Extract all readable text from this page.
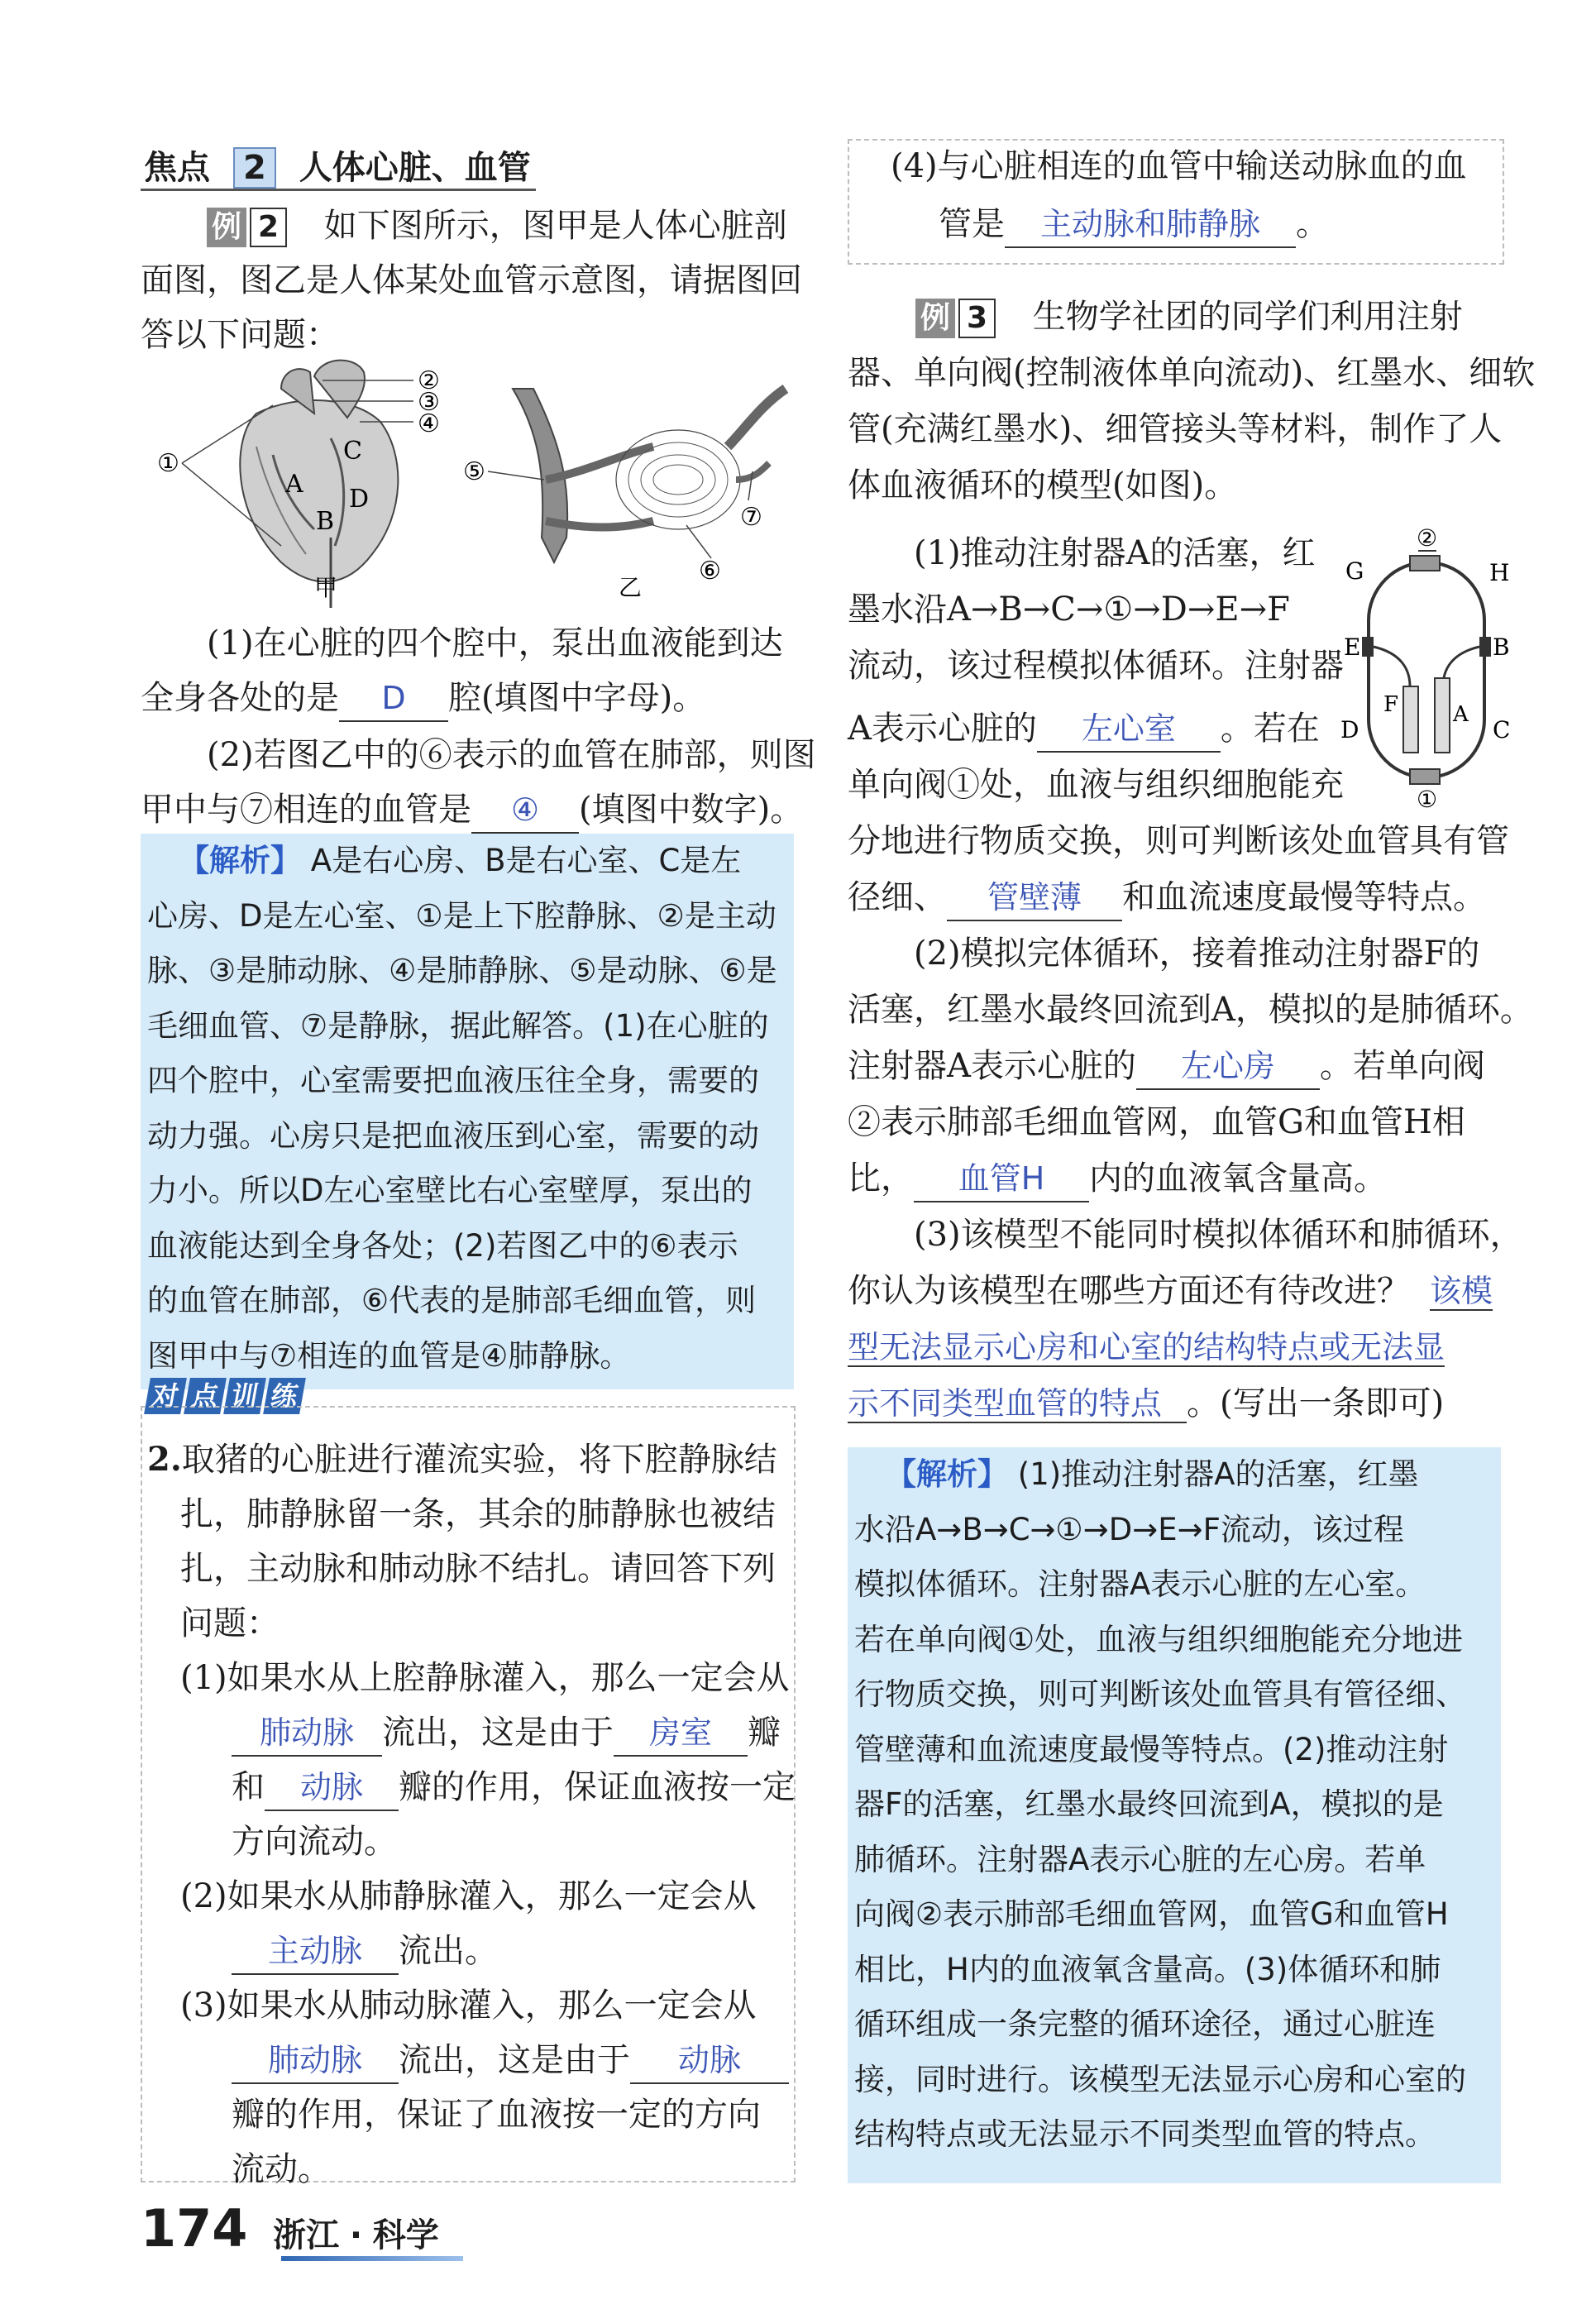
焦点 2 人体心脏、血管
例 2 如下图所示，图甲是人体心脏剖
面图，图乙是人体某处血管示意图，请据图回
答以下问题：
A
B
C
D
②
③
④
①
甲
⑤
⑥
⑦
乙
(1)在心脏的四个腔中，泵出血液能到达
全身各处的是 D 腔(填图中字母)。
(2)若图乙中的⑥表示的血管在肺部，则图
甲中与⑦相连的血管是 ④ (填图中数字)。
【解析】 A是右心房、B是右心室、C是左
心房、D是左心室、①是上下腔静脉、②是主动
脉、③是肺动脉、④是肺静脉、⑤是动脉、⑥是
毛细血管、⑦是静脉，据此解答。(1)在心脏的
四个腔中，心室需要把血液压往全身，需要的
动力强。心房只是把血液压到心室，需要的动
力小。所以D左心室壁比右心室壁厚，泵出的
血液能达到全身各处；(2)若图乙中的⑥表示
的血管在肺部，⑥代表的是肺部毛细血管，则
图甲中与⑦相连的血管是④肺静脉。
对 点 训 练
2.取猪的心脏进行灌流实验，将下腔静脉结
扎，肺静脉留一条，其余的肺静脉也被结
扎，主动脉和肺动脉不结扎。请回答下列
问题：
(1)如果水从上腔静脉灌入，那么一定会从
肺动脉 流出，这是由于 房室 瓣
和 动脉 瓣的作用，保证血液按一定
方向流动。
(2)如果水从肺静脉灌入，那么一定会从
主动脉 流出。
(3)如果水从肺动脉灌入，那么一定会从
肺动脉 流出，这是由于 动脉
瓣的作用，保证了血液按一定的方向
流动。
174 浙江 · 科学
(4)与心脏相连的血管中输送动脉血的血
管是 主动脉和肺静脉 。
例 3 生物学社团的同学们利用注射
器、单向阀(控制液体单向流动)、红墨水、细软
管(充满红墨水)、细管接头等材料，制作了人
体血液循环的模型(如图)。
(1)推动注射器A的活塞，红
墨水沿A→B→C→①→D→E→F
流动，该过程模拟体循环。注射器
A表示心脏的 左心室 。若在
单向阀①处，血液与组织细胞能充
②
G	H
E	B
F	A
D	C
①
分地进行物质交换，则可判断该处血管具有管
径细、 管壁薄 和血流速度最慢等特点。
(2)模拟完体循环，接着推动注射器F的
活塞，红墨水最终回流到A，模拟的是肺循环。
注射器A表示心脏的 左心房 。若单向阀
②表示肺部毛细血管网，血管G和血管H相
比， 血管H 内的血液氧含量高。
(3)该模型不能同时模拟体循环和肺循环，
你认为该模型在哪些方面还有待改进？ 该模
型无法显示心房和心室的结构特点或无法显
示不同类型血管的特点 。(写出一条即可)
【解析】 (1)推动注射器A的活塞，红墨
水沿A→B→C→①→D→E→F流动，该过程
模拟体循环。注射器A表示心脏的左心室。
若在单向阀①处，血液与组织细胞能充分地进
行物质交换，则可判断该处血管具有管径细、
管壁薄和血流速度最慢等特点。(2)推动注射
器F的活塞，红墨水最终回流到A，模拟的是
肺循环。注射器A表示心脏的左心房。若单
向阀②表示肺部毛细血管网，血管G和血管H
相比，H内的血液氧含量高。(3)体循环和肺
循环组成一条完整的循环途径，通过心脏连
接，同时进行。该模型无法显示心房和心室的
结构特点或无法显示不同类型血管的特点。
